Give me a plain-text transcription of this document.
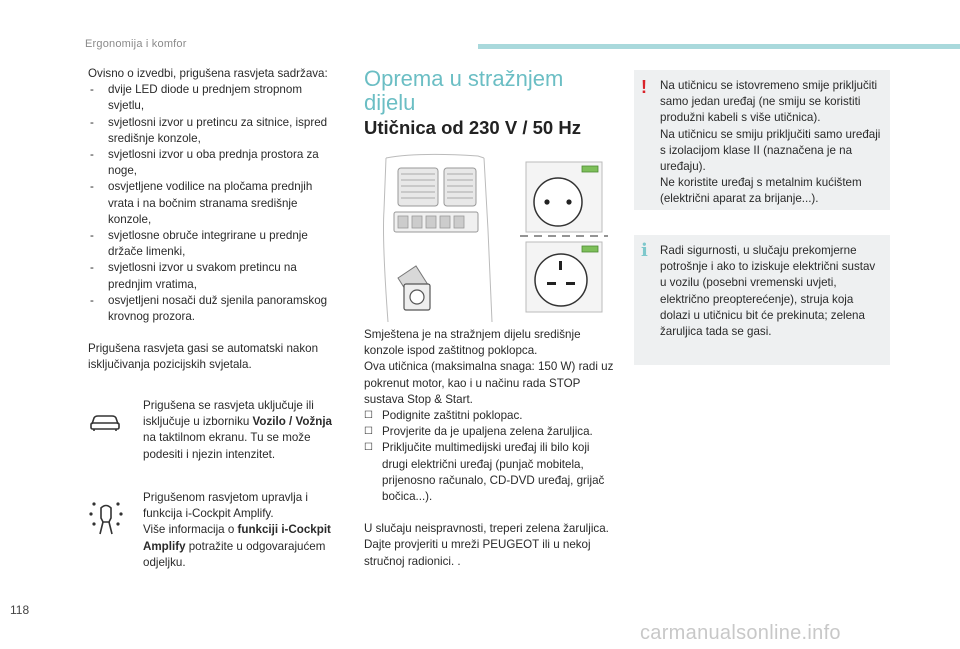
Ergonomija i komfor

Ovisno o izvedbi, prigušena rasvjeta sadržava:

- dvije LED diode u prednjem stropnom svjetlu,
- svjetlosni izvor u pretincu za sitnice, ispred središnje konzole,
- svjetlosni izvor u oba prednja prostora za noge,
- osvjetljene vodilice na pločama prednjih vrata i na bočnim stranama središnje konzole,
- svjetlosne obruče integrirane u prednje držače limenki,
- svjetlosni izvor u svakom pretincu na prednjim vratima,
- osvjetljeni nosači duž sjenila panoramskog krovnog prozora.

Prigušena rasvjeta gasi se automatski nakon isključivanja pozicijskih svjetala.

Prigušena se rasvjeta uključuje ili isključuje u izborniku Vozilo / Vožnja na taktilnom ekranu. Tu se može podesiti i njezin intenzitet.

Prigušenom rasvjetom upravlja i funkcija i-Cockpit Amplify.

Više informacija o funkciji i-Cockpit Amplify potražite u odgovarajućem odjeljku.

Oprema u stražnjem dijelu
Utičnica od 230 V / 50 Hz

Smještena je na stražnjem dijelu središnje konzole ispod zaštitnog poklopca.

Ova utičnica (maksimalna snaga: 150 W) radi uz pokrenut motor, kao i u načinu rada STOP sustava Stop & Start.

☐ Podignite zaštitni poklopac.
☐ Provjerite da je upaljena zelena žaruljica.
☐ Priključite multimedijski uređaj ili bilo koji drugi električni uređaj (punjač mobitela, prijenosno računalo, CD-DVD uređaj, grijač bočica...).

U slučaju neispravnosti, treperi zelena žaruljica.

Dajte provjeriti u mreži PEUGEOT ili u nekoj stručnoj radionici. .

! Na utičnicu se istovremeno smije priključiti samo jedan uređaj (ne smiju se koristiti produžni kabeli s više utičnica).

Na utičnicu se smiju priključiti samo uređaji s izolacijom klase II (naznačena je na uređaju).

Ne koristite uređaj s metalnim kućištem (električni aparat za brijanje...).

i Radi sigurnosti, u slučaju prekomjerne potrošnje i ako to iziskuje električni sustav u vozilu (posebni vremenski uvjeti, električno preopterećenje), struja koja dolazi u utičnicu bit će prekinuta; zelena žaruljica tada se gasi.

118
carmanualsonline.info
